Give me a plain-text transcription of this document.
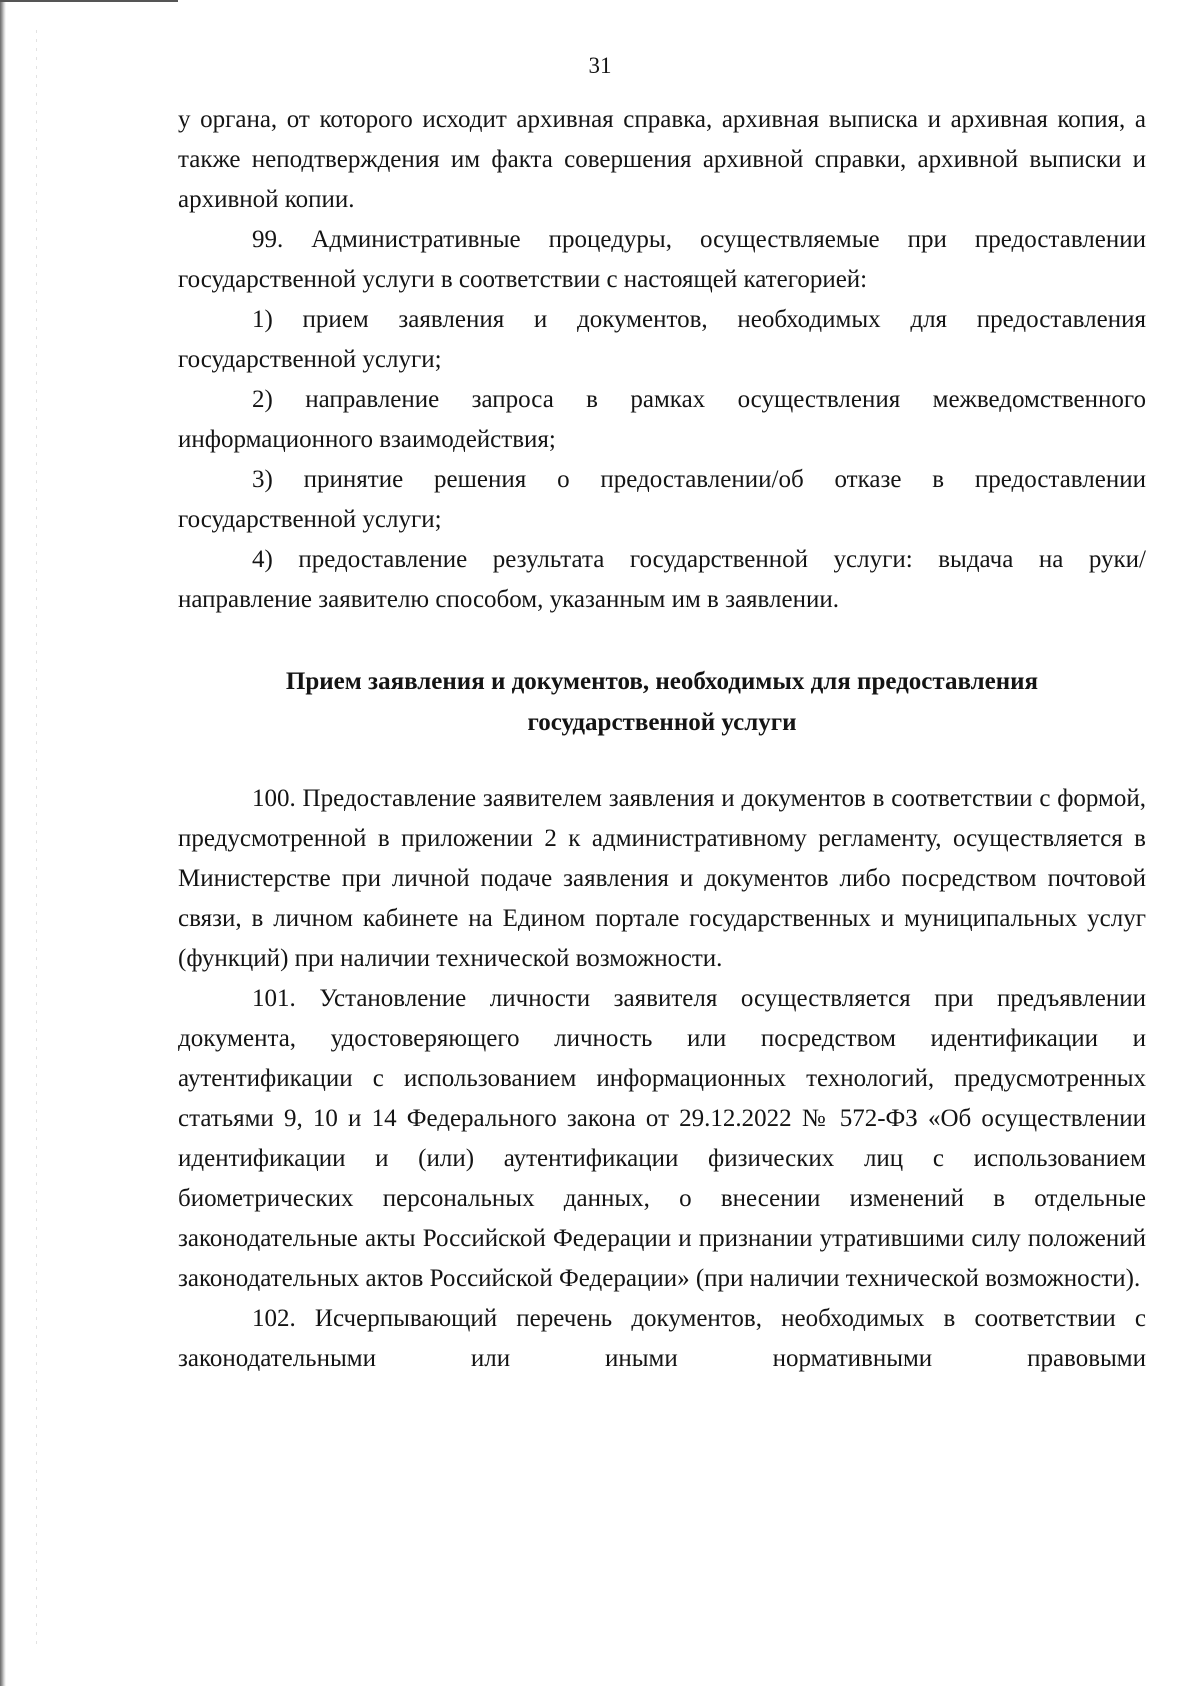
31

у органа, от которого исходит архивная справка, архивная выписка и архивная копия, а также неподтверждения им факта совершения архивной справки, архивной выписки и архивной копии.

99. Административные процедуры, осуществляемые при предоставлении государственной услуги в соответствии с настоящей категорией:

1) прием заявления и документов, необходимых для предоставления государственной услуги;

2) направление запроса в рамках осуществления межведомственного информационного взаимодействия;

3) принятие решения о предоставлении/об отказе в предоставлении государственной услуги;

4) предоставление результата государственной услуги: выдача на руки/ направление заявителю способом, указанным им в заявлении.

Прием заявления и документов, необходимых для предоставления
государственной услуги

100. Предоставление заявителем заявления и документов в соответствии с формой, предусмотренной в приложении 2 к административному регламенту, осуществляется в Министерстве при личной подаче заявления и документов либо посредством почтовой связи, в личном кабинете на Едином портале государственных и муниципальных услуг (функций) при наличии технической возможности.

101. Установление личности заявителя осуществляется при предъявлении документа, удостоверяющего личность или посредством идентификации и аутентификации с использованием информационных технологий, предусмотренных статьями 9, 10 и 14 Федерального закона от 29.12.2022 № 572-ФЗ «Об осуществлении идентификации и (или) аутентификации физических лиц с использованием биометрических персональных данных, о внесении изменений в отдельные законодательные акты Российской Федерации и признании утратившими силу положений законодательных актов Российской Федерации» (при наличии технической возможности).

102. Исчерпывающий перечень документов, необходимых в соответствии с законодательными или иными нормативными правовыми
